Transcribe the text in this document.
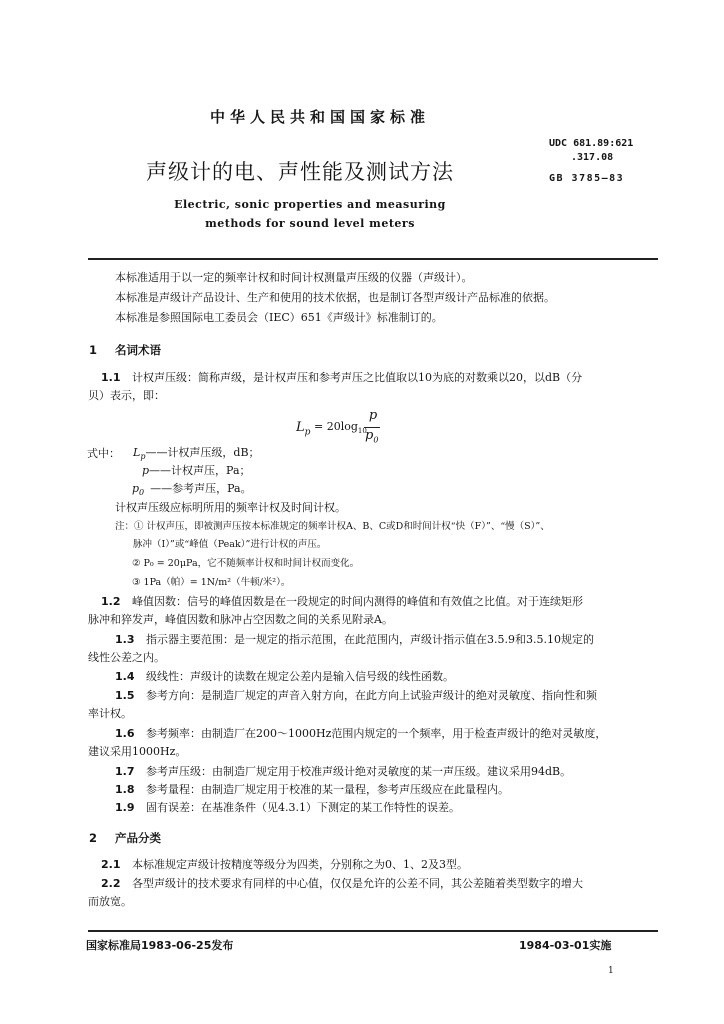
中华人民共和国国家标准
UDC 681.89:621
.317.08
声级计的电、声性能及测试方法	GB 3785—83
Electric, sonic properties and measuring
methods for sound level meters
本标准适用于以一定的频率计权和时间计权测量声压级的仪器（声级计）。
本标准是声级计产品设计、生产和使用的技术依据，也是制订各型声级计产品标准的依据。
本标准是参照国际电工委员会（IEC）651《声级计》标准制订的。
1 名词术语
1.1 计权声压级：简称声级，是计权声压和参考声压之比值取以10为底的对数乘以20，以dB（分
贝）表示，即：
$L_p = 20\log_{10}$
p
$p_0$
式中： $L_p——$计权声压级，dB；
p——计权声压，Pa；
$p_0$ ——参考声压，Pa。
计权声压级应标明所用的频率计权及时间计权。
注：① 计权声压，即被测声压按本标准规定的频率计权A、B、C或D和时间计权“快（F）”、“慢（S）”、
脉冲（I）”或“峰值（Peak）”进行计权的声压。
② P₀ = 20μPa，它不随频率计权和时间计权而变化。
③ 1Pa（帕）= 1N/m²（牛顿/米²）。
1.2 峰值因数：信号的峰值因数是在一段规定的时间内测得的峰值和有效值之比值。对于连续矩形
脉冲和猝发声，峰值因数和脉冲占空因数之间的关系见附录A。
1.3 指示器主要范围：是一规定的指示范围，在此范围内，声级计指示值在3.5.9和3.5.10规定的
线性公差之内。
1.4 级线性：声级计的读数在规定公差内是输入信号级的线性函数。
1.5 参考方向：是制造厂规定的声音入射方向，在此方向上试验声级计的绝对灵敏度、指向性和频
率计权。
1.6 参考频率：由制造厂在200～1000Hz范围内规定的一个频率，用于检查声级计的绝对灵敏度，
建议采用1000Hz。
1.7 参考声压级：由制造厂规定用于校准声级计绝对灵敏度的某一声压级。建议采用94dB。
1.8 参考量程：由制造厂规定用于校准的某一量程，参考声压级应在此量程内。
1.9 固有误差：在基准条件（见4.3.1）下测定的某工作特性的误差。
2 产品分类
2.1 本标准规定声级计按精度等级分为四类，分别称之为0、1、2及3型。
2.2 各型声级计的技术要求有同样的中心值，仅仅是允许的公差不同，其公差随着类型数字的增大
而放宽。
国家标准局1983-06-25发布	1984-03-01实施
1
